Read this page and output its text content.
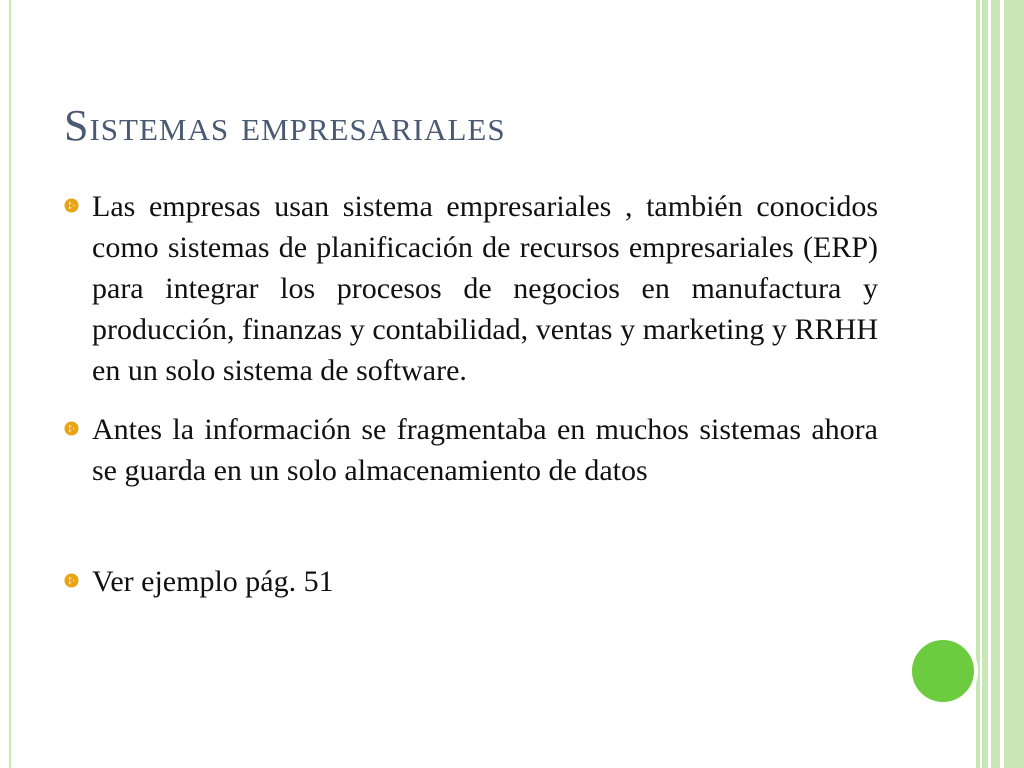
Sistemas empresariales
Las empresas usan sistema empresariales , también conocidos como sistemas de planificación de recursos empresariales (ERP) para integrar los procesos de negocios en manufactura y producción, finanzas y contabilidad, ventas y marketing y RRHH en un solo sistema de software.
Antes la información se fragmentaba en muchos sistemas ahora se guarda en un solo almacenamiento de datos
Ver ejemplo pág. 51
